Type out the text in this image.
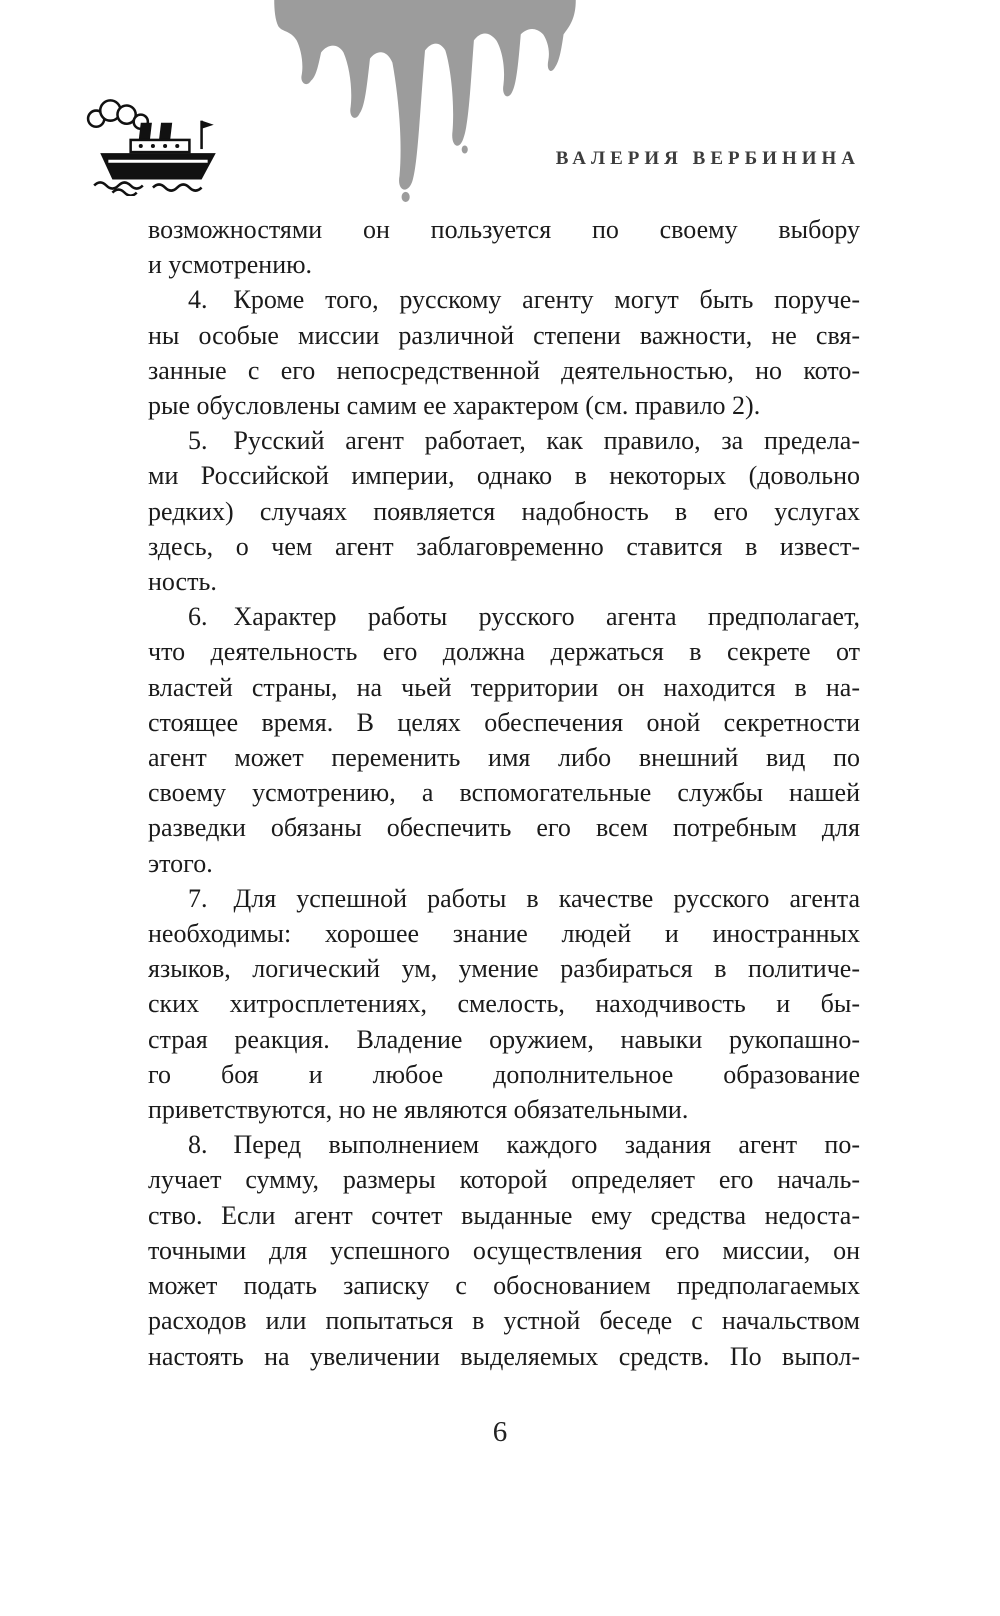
ВАЛЕРИЯ ВЕРБИНИНА
возможностями он пользуется по своему выбору
и усмотрению.
4. Кроме того, русскому агенту могут быть поруче-
ны особые миссии различной степени важности, не свя-
занные с его непосредственной деятельностью, но кото-
рые обусловлены самим ее характером (см. правило 2).
5. Русский агент работает, как правило, за предела-
ми Российской империи, однако в некоторых (довольно
редких) случаях появляется надобность в его услугах
здесь, о чем агент заблаговременно ставится в извест-
ность.
6. Характер работы русского агента предполагает,
что деятельность его должна держаться в секрете от
властей страны, на чьей территории он находится в на-
стоящее время. В целях обеспечения оной секретности
агент может переменить имя либо внешний вид по
своему усмотрению, а вспомогательные службы нашей
разведки обязаны обеспечить его всем потребным для
этого.
7. Для успешной работы в качестве русского агента
необходимы: хорошее знание людей и иностранных
языков, логический ум, умение разбираться в политиче-
ских хитросплетениях, смелость, находчивость и бы-
страя реакция. Владение оружием, навыки рукопашно-
го боя и любое дополнительное образование
приветствуются, но не являются обязательными.
8. Перед выполнением каждого задания агент по-
лучает сумму, размеры которой определяет его началь-
ство. Если агент сочтет выданные ему средства недоста-
точными для успешного осуществления его миссии, он
может подать записку с обоснованием предполагаемых
расходов или попытаться в устной беседе с начальством
настоять на увеличении выделяемых средств. По выпол-
6
